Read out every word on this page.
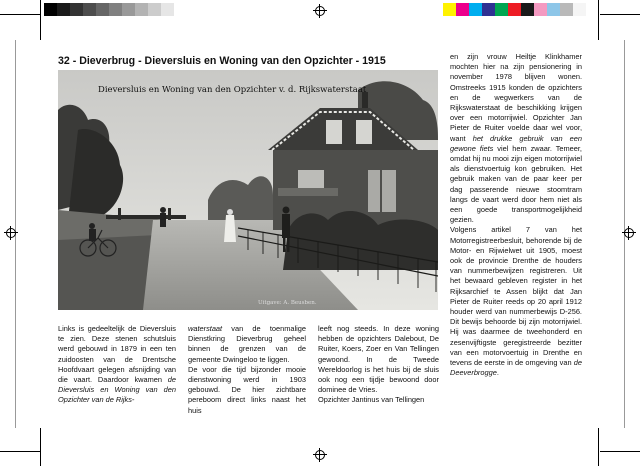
32 - Dieverbrug - Dieversluis en Woning van den Opzichter - 1915
Dieversluis en Woning van den Opzichter v. d. Rijkswaterstaat
Uitgave: A. Beusben.

Links is gedeeltelijk de Dieversluis te zien. Deze stenen schutsluis werd gebouwd in 1879 in een ten zuidoosten van de Drentsche Hoofdvaart gelegen afsnijding van die vaart. Daardoor kwamen de Dieversluis en Woning van den Opzichter van de Rijks-

waterstaat van de toenmalige Dienstkring Dieverbrug geheel binnen de grenzen van de gemeente Dwingeloo te liggen.

De voor die tijd bijzonder mooie dienstwoning werd in 1903 gebouwd. De hier zichtbare pereboom direct links naast het huis

leeft nog steeds. In deze woning hebben de opzichters Dalebout, De Ruiter, Koers, Zoer en Van Tellingen gewoond. In de Tweede Wereldoorlog is het huis bij de sluis ook nog een tijdje bewoond door dominee de Vries.

Opzichter Jantinus van Tellingen

en zijn vrouw Heiltje Klinkhamer mochten hier na zijn pensionering in november 1978 blijven wonen. Omstreeks 1915 konden de opzichters en de wegwerkers van de Rijkswaterstaat de beschikking krijgen over een motorrijwiel. Opzichter Jan Pieter de Ruiter voelde daar wel voor, want het drukke gebruik van een gewone fiets viel hem zwaar. Temeer, omdat hij nu mooi zijn eigen motorrijwiel als dienstvoertuig kon gebruiken. Het gebruik maken van de paar keer per dag passerende nieuwe stoomtram langs de vaart werd door hem niet als een goede transportmogelijkheid gezien.

Volgens artikel 7 van het Motorregistreerbesluit, behorende bij de Motor- en Rijwielwet uit 1905, moest ook de provincie Drenthe de houders van nummerbewijzen registreren. Uit het bewaard gebleven register in het Rijksarchief te Assen blijkt dat Jan Pieter de Ruiter reeds op 20 april 1912 houder werd van nummerbewijs D-256. Dit bewijs behoorde bij zijn motorrijwiel. Hij was daarmee de tweehonderd en zesenvijftigste geregistreerde bezitter van een motorvoertuig in Drenthe en tevens de eerste in de omgeving van de Deeverbrogge.
